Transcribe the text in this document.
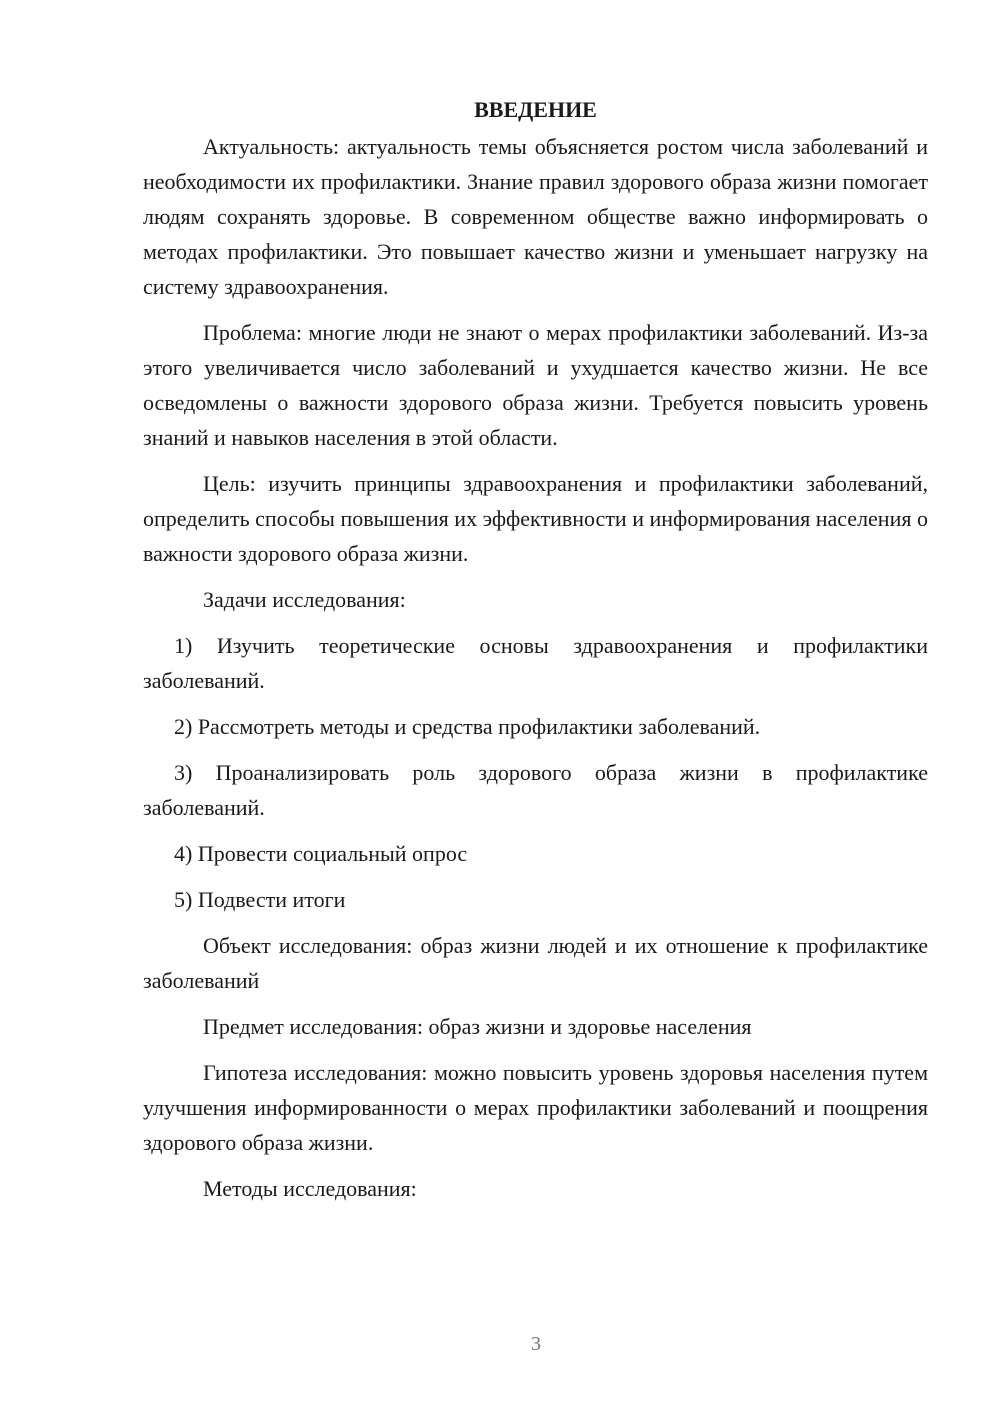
ВВЕДЕНИЕ

Актуальность: актуальность темы объясняется ростом числа заболеваний и необходимости их профилактики. Знание правил здорового образа жизни помогает людям сохранять здоровье. В современном обществе важно информировать о методах профилактики. Это повышает качество жизни и уменьшает нагрузку на систему здравоохранения.

Проблема: многие люди не знают о мерах профилактики заболеваний. Из-за этого увеличивается число заболеваний и ухудшается качество жизни. Не все осведомлены о важности здорового образа жизни. Требуется повысить уровень знаний и навыков населения в этой области.

Цель: изучить принципы здравоохранения и профилактики заболеваний, определить способы повышения их эффективности и информирования населения о важности здорового образа жизни.

Задачи исследования:

1) Изучить теоретические основы здравоохранения и профилактики заболеваний.

2) Рассмотреть методы и средства профилактики заболеваний.

3) Проанализировать роль здорового образа жизни в профилактике заболеваний.

4) Провести социальный опрос

5) Подвести итоги

Объект исследования: образ жизни людей и их отношение к профилактике заболеваний

Предмет исследования: образ жизни и здоровье населения

Гипотеза исследования: можно повысить уровень здоровья населения путем улучшения информированности о мерах профилактики заболеваний и поощрения здорового образа жизни.

Методы исследования:

3
